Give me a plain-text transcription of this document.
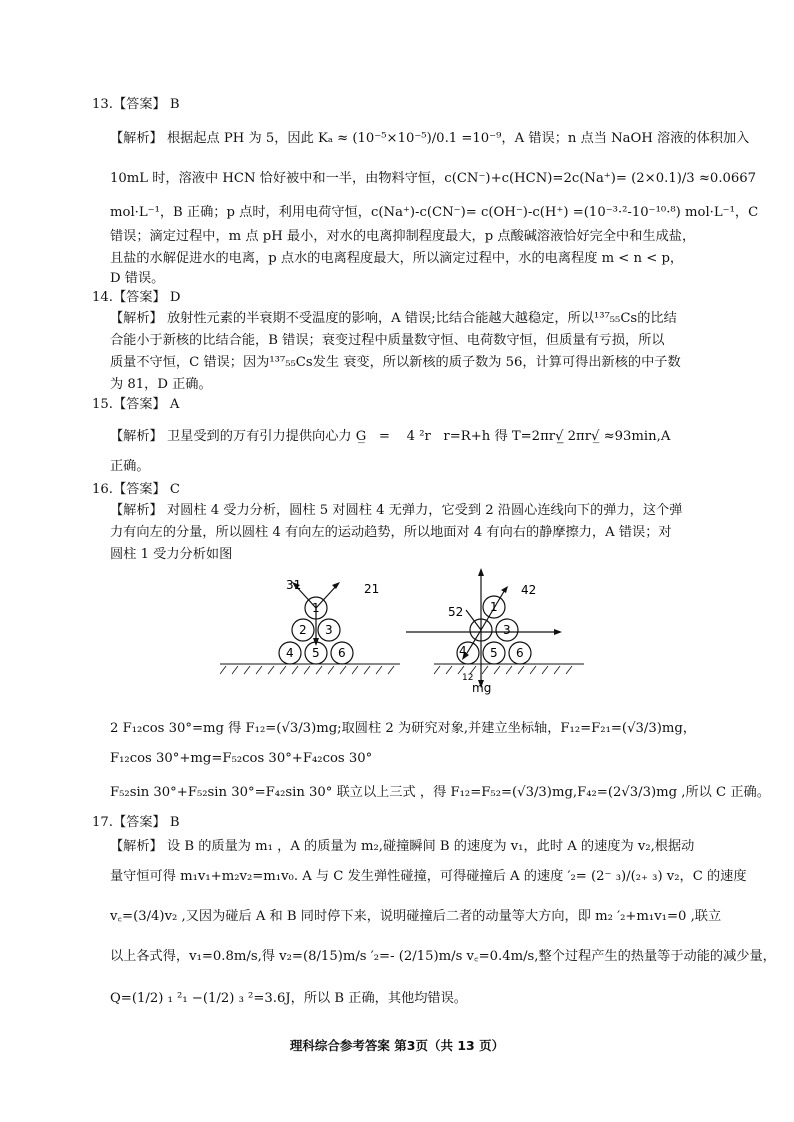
13.【答案】 B
【解析】 根据起点 PH 为 5，因此 Kₐ ≈ (10⁻⁵×10⁻⁵)/0.1 =10⁻⁹，A 错误；n 点当 NaOH 溶液的体积加入
10mL 时，溶液中 HCN 恰好被中和一半，由物料守恒，c(CN⁻)+c(HCN)=2c(Na⁺)= (2×0.1)/3 ≈0.0667
mol·L⁻¹，B 正确；p 点时，利用电荷守恒，c(Na⁺)-c(CN⁻)= c(OH⁻)-c(H⁺) =(10⁻³·²-10⁻¹⁰·⁸) mol·L⁻¹，C
错误；滴定过程中，m 点 pH 最小，对水的电离抑制程度最大，p 点酸碱溶液恰好完全中和生成盐，
且盐的水解促进水的电离，p 点水的电离程度最大，所以滴定过程中，水的电离程度 m < n < p，
D 错误。
14.【答案】 D
【解析】 放射性元素的半衰期不受温度的影响，A 错误;比结合能越大越稳定，所以¹³⁷₅₅Cs的比结
合能小于新核的比结合能，B 错误；衰变过程中质量数守恒、电荷数守恒，但质量有亏损，所以
质量不守恒，C 错误；因为¹³⁷₅₅Cs发生 衰变，所以新核的质子数为 56，计算可得出新核的中子数
为 81，D 正确。
15.【答案】 A
【解析】 卫星受到的万有引力提供向心力 G̲   =    4 ²r   r=R+h 得 T=2πr√̲̲̲̲ 2πr√̲ ≈93min,A
正确。
16.【答案】 C
【解析】 对圆柱 4 受力分析，圆柱 5 对圆柱 4 无弹力，它受到 2 沿圆心连线向下的弹力，这个弹
力有向左的分量，所以圆柱 4 有向左的运动趋势，所以地面对 4 有向右的静摩擦力，A 错误；对
圆柱 1 受力分析如图
31	21
1
2 3
4 5 6
42
52 1
3
4 5 6
12
mg
2 F₁₂cos 30°=mg 得 F₁₂=(√3/3)mg;取圆柱 2 为研究对象,并建立坐标轴，F₁₂=F₂₁=(√3/3)mg，
F₁₂cos 30°+mg=F₅₂cos 30°+F₄₂cos 30°
F₅₂sin 30°+F₅₂sin 30°=F₄₂sin 30° 联立以上三式 ，得 F₁₂=F₅₂=(√3/3)mg,F₄₂=(2√3/3)mg ,所以 C 正确。
17.【答案】 B
【解析】 设 B 的质量为 m₁ ，A 的质量为 m₂,碰撞瞬间 B 的速度为 v₁，此时 A 的速度为 v₂,根据动
量守恒可得 m₁v₁+m₂v₂=m₁v₀. A 与 C 发生弹性碰撞，可得碰撞后 A 的速度 ′₂= (2⁻ ₃)/(₂₊ ₃) v₂，C 的速度
v꜀=(3/4)v₂ ,又因为碰后 A 和 B 同时停下来，说明碰撞后二者的动量等大方向，即 m₂ ′₂+m₁v₁=0 ,联立
以上各式得，v₁=0.8m/s,得 v₂=(8/15)m/s ′₂=- (2/15)m/s v꜀=0.4m/s,整个过程产生的热量等于动能的减少量，
Q=(1/2) ₁ ²₁ −(1/2) ₃ ²=3.6J，所以 B 正确，其他均错误。
理科综合参考答案 第3页（共 13 页）
